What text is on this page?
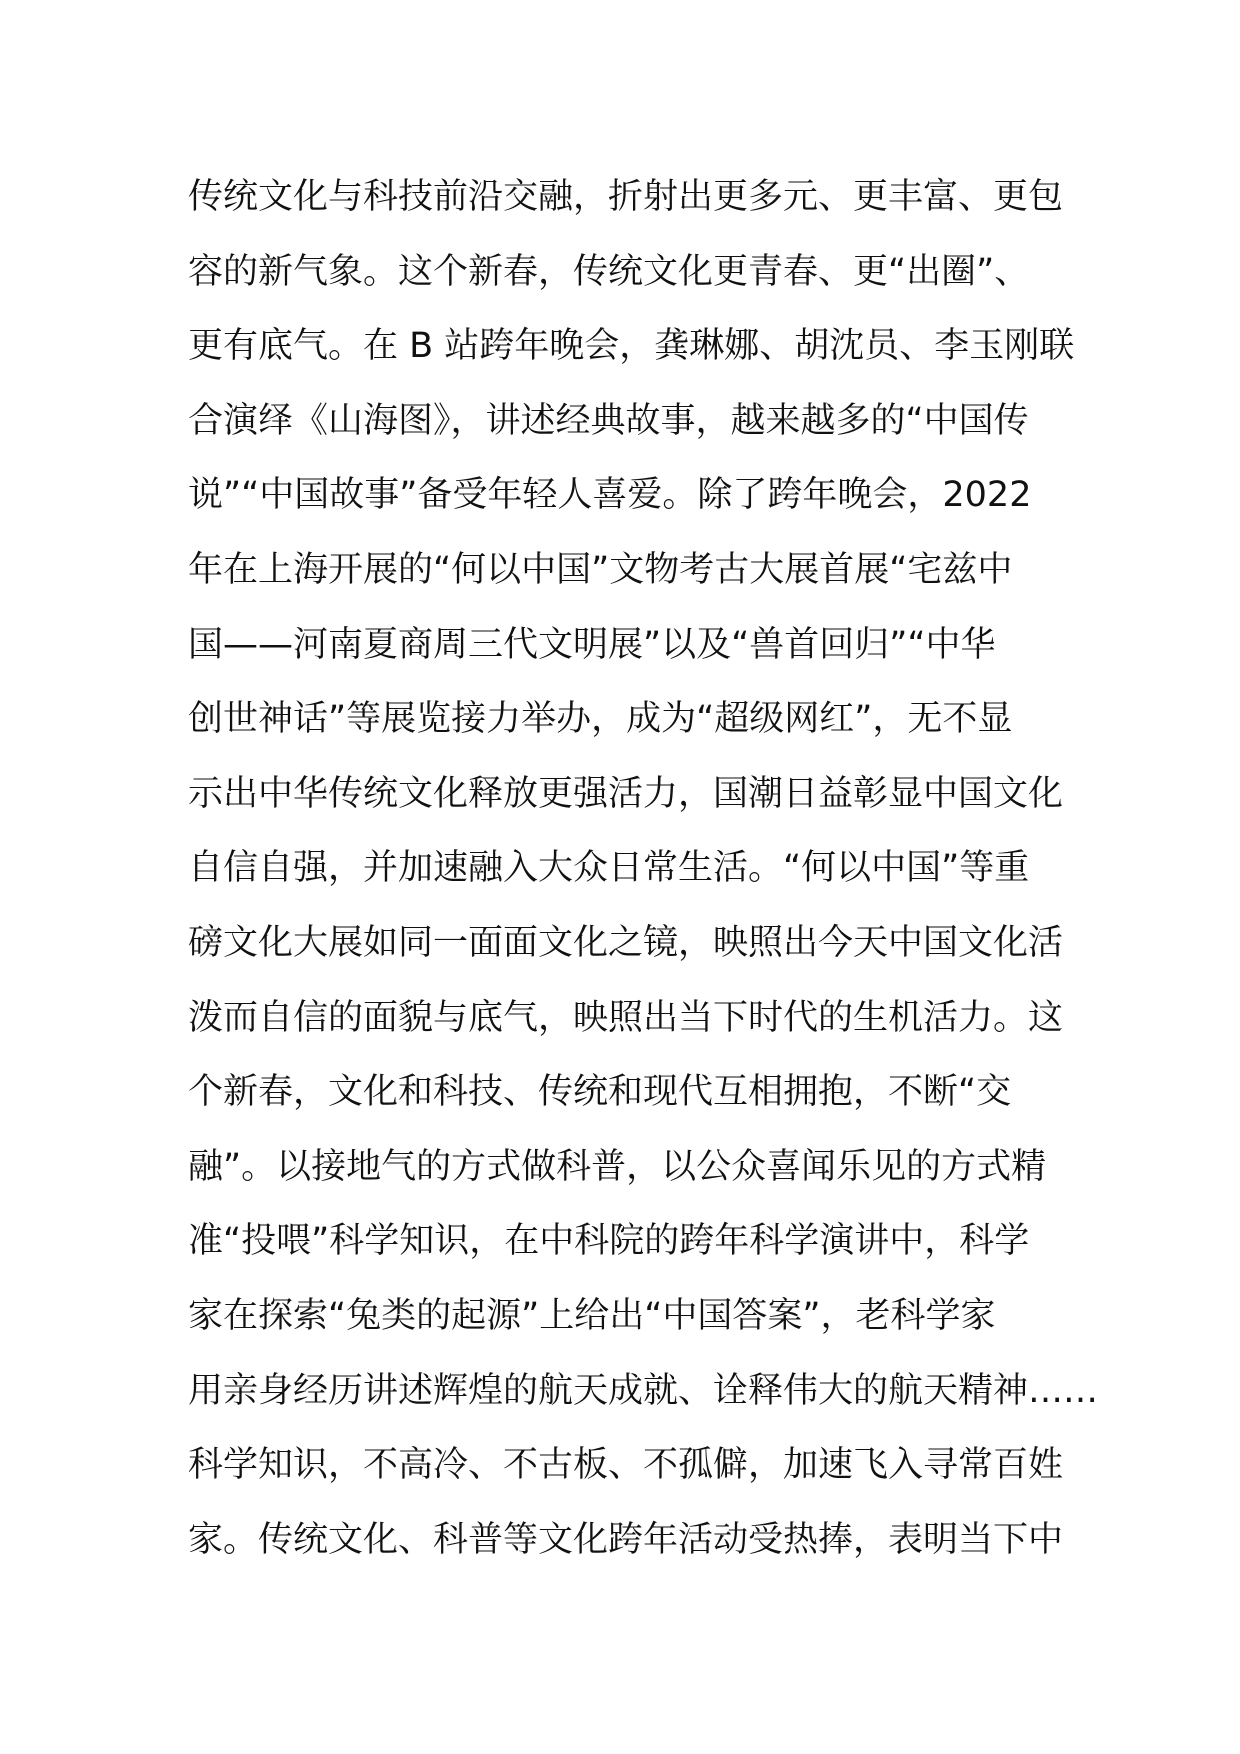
传统文化与科技前沿交融，折射出更多元、更丰富、更包
容的新气象。这个新春，传统文化更青春、更“出圈”、
更有底气。在 B 站跨年晚会，龚琳娜、胡沈员、李玉刚联
合演绎《山海图》，讲述经典故事，越来越多的“中国传
说”“中国故事”备受年轻人喜爱。除了跨年晚会，2022
年在上海开展的“何以中国”文物考古大展首展“宅兹中
国——河南夏商周三代文明展”以及“兽首回归”“中华
创世神话”等展览接力举办，成为“超级网红”，无不显
示出中华传统文化释放更强活力，国潮日益彰显中国文化
自信自强，并加速融入大众日常生活。“何以中国”等重
磅文化大展如同一面面文化之镜，映照出今天中国文化活
泼而自信的面貌与底气，映照出当下时代的生机活力。这
个新春，文化和科技、传统和现代互相拥抱，不断“交
融”。以接地气的方式做科普，以公众喜闻乐见的方式精
准“投喂”科学知识，在中科院的跨年科学演讲中，科学
家在探索“兔类的起源”上给出“中国答案”，老科学家
用亲身经历讲述辉煌的航天成就、诠释伟大的航天精神……
科学知识，不高冷、不古板、不孤僻，加速飞入寻常百姓
家。传统文化、科普等文化跨年活动受热捧，表明当下中
